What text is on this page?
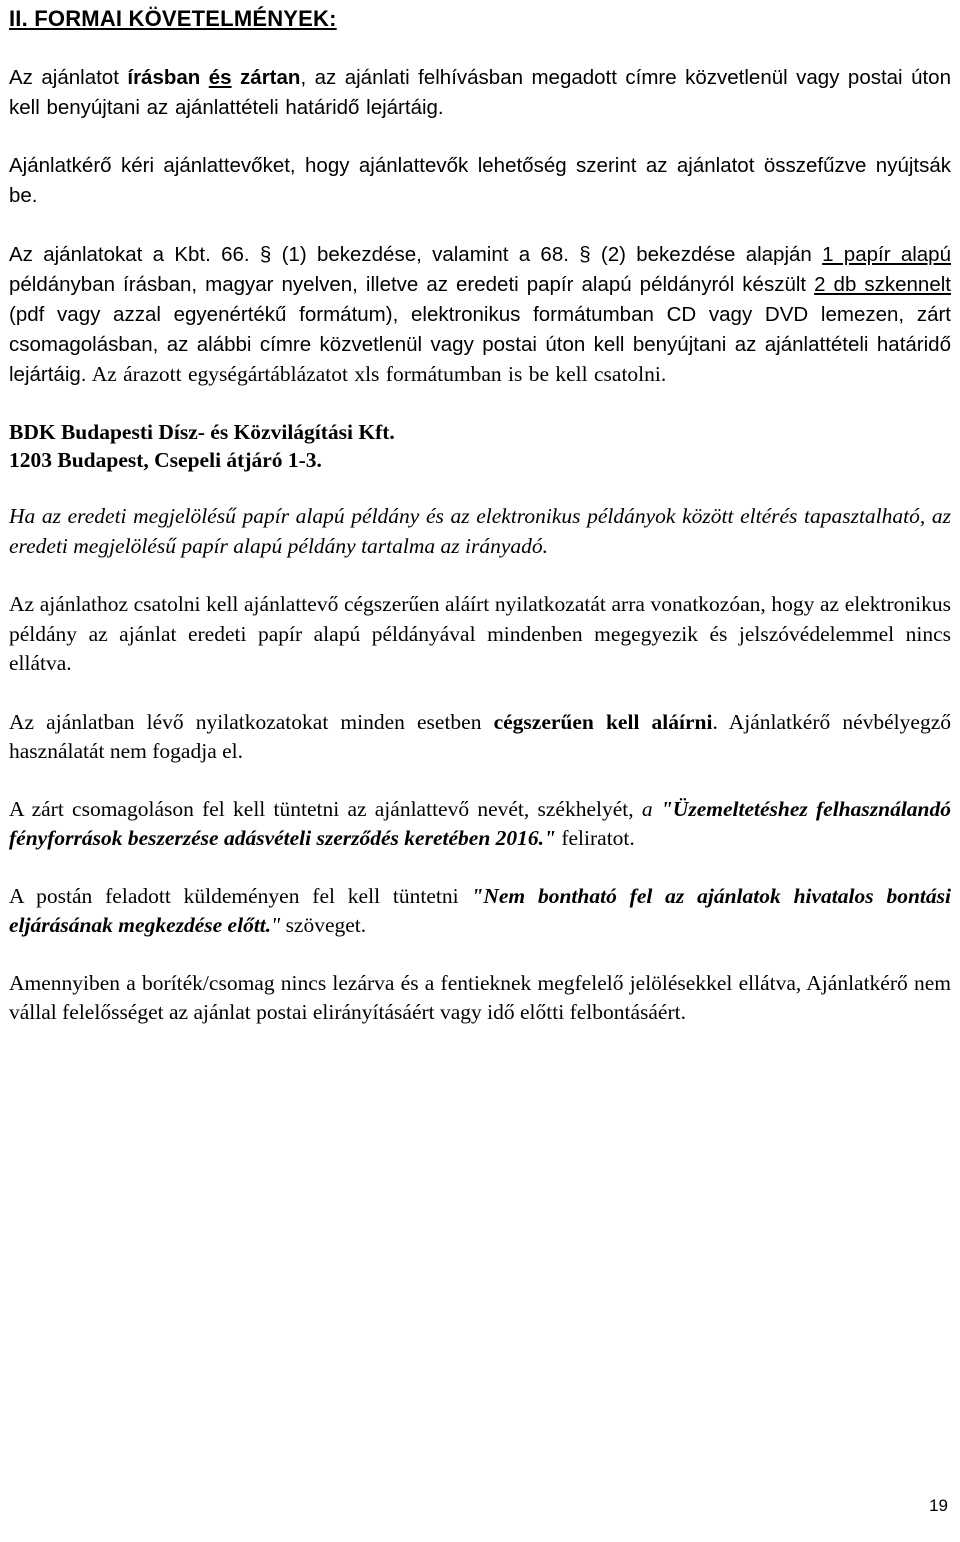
II. FORMAI KÖVETELMÉNYEK:

Az ajánlatot írásban és zártan, az ajánlati felhívásban megadott címre közvetlenül vagy postai úton kell benyújtani az ajánlattételi határidő lejártáig.

Ajánlatkérő kéri ajánlattevőket, hogy ajánlattevők lehetőség szerint az ajánlatot összefűzve nyújtsák be.

Az ajánlatokat a Kbt. 66. § (1) bekezdése, valamint a 68. § (2) bekezdése alapján 1 papír alapú példányban írásban, magyar nyelven, illetve az eredeti papír alapú példányról készült 2 db szkennelt (pdf vagy azzal egyenértékű formátum), elektronikus formátumban CD vagy DVD lemezen, zárt csomagolásban, az alábbi címre közvetlenül vagy postai úton kell benyújtani az ajánlattételi határidő lejártáig. Az árazott egységártáblázatot xls formátumban is be kell csatolni.

BDK Budapesti Dísz- és Közvilágítási Kft.

1203 Budapest, Csepeli átjáró 1-3.

Ha az eredeti megjelölésű papír alapú példány és az elektronikus példányok között eltérés tapasztalható, az eredeti megjelölésű papír alapú példány tartalma az irányadó.

Az ajánlathoz csatolni kell ajánlattevő cégszerűen aláírt nyilatkozatát arra vonatkozóan, hogy az elektronikus példány az ajánlat eredeti papír alapú példányával mindenben megegyezik és jelszóvédelemmel nincs ellátva.

Az ajánlatban lévő nyilatkozatokat minden esetben cégszerűen kell aláírni. Ajánlatkérő névbélyegző használatát nem fogadja el.

A zárt csomagoláson fel kell tüntetni az ajánlattevő nevét, székhelyét, a "Üzemeltetéshez felhasználandó fényforrások beszerzése adásvételi szerződés keretében 2016." feliratot.

A postán feladott küldeményen fel kell tüntetni "Nem bontható fel az ajánlatok hivatalos bontási eljárásának megkezdése előtt." szöveget.

Amennyiben a boríték/csomag nincs lezárva és a fentieknek megfelelő jelölésekkel ellátva, Ajánlatkérő nem vállal felelősséget az ajánlat postai elirányításáért vagy idő előtti felbontásáért.

19
